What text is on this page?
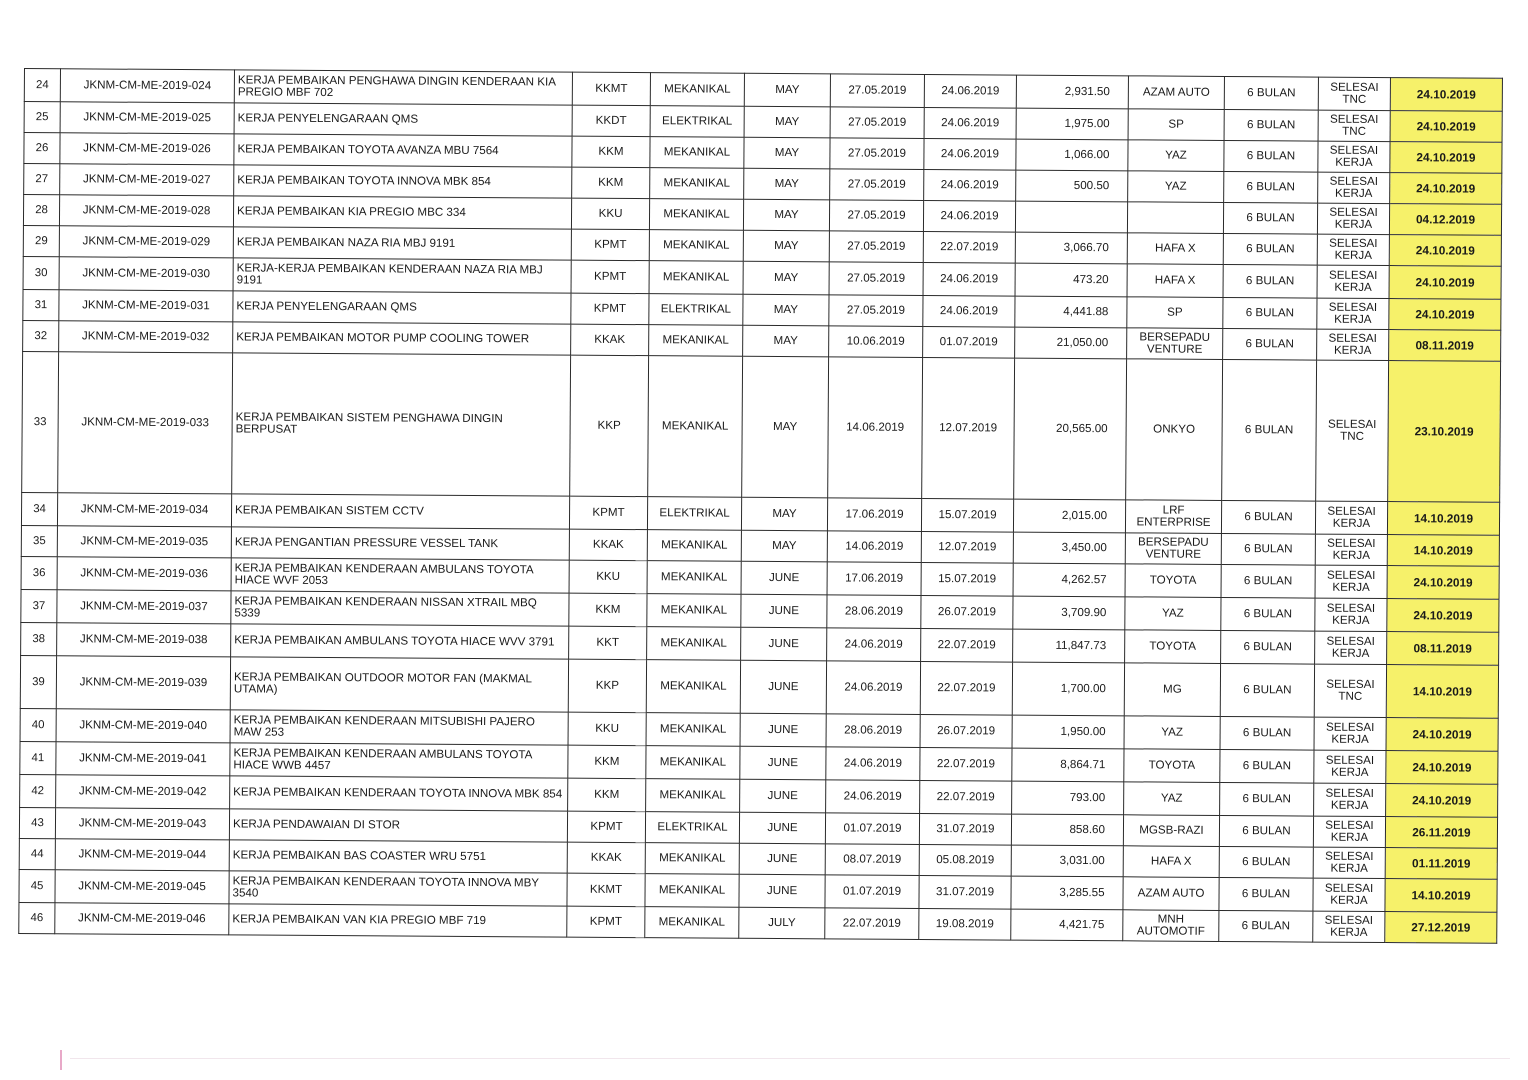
24	JKNM-CM-ME-2019-024	KERJA PEMBAIKAN PENGHAWA DINGIN KENDERAAN KIA PREGIO MBF 702	KKMT	MEKANIKAL	MAY	27.05.2019	24.06.2019	2,931.50	AZAM AUTO	6 BULAN	SELESAI TNC	24.10.2019
25	JKNM-CM-ME-2019-025	KERJA PENYELENGARAAN QMS	KKDT	ELEKTRIKAL	MAY	27.05.2019	24.06.2019	1,975.00	SP	6 BULAN	SELESAI TNC	24.10.2019
26	JKNM-CM-ME-2019-026	KERJA PEMBAIKAN TOYOTA AVANZA MBU 7564	KKM	MEKANIKAL	MAY	27.05.2019	24.06.2019	1,066.00	YAZ	6 BULAN	SELESAI KERJA	24.10.2019
27	JKNM-CM-ME-2019-027	KERJA PEMBAIKAN TOYOTA INNOVA MBK 854	KKM	MEKANIKAL	MAY	27.05.2019	24.06.2019	500.50	YAZ	6 BULAN	SELESAI KERJA	24.10.2019
28	JKNM-CM-ME-2019-028	KERJA PEMBAIKAN KIA PREGIO MBC 334	KKU	MEKANIKAL	MAY	27.05.2019	24.06.2019			6 BULAN	SELESAI KERJA	04.12.2019
29	JKNM-CM-ME-2019-029	KERJA PEMBAIKAN NAZA RIA MBJ 9191	KPMT	MEKANIKAL	MAY	27.05.2019	22.07.2019	3,066.70	HAFA X	6 BULAN	SELESAI KERJA	24.10.2019
30	JKNM-CM-ME-2019-030	KERJA-KERJA PEMBAIKAN KENDERAAN NAZA RIA MBJ 9191	KPMT	MEKANIKAL	MAY	27.05.2019	24.06.2019	473.20	HAFA X	6 BULAN	SELESAI KERJA	24.10.2019
31	JKNM-CM-ME-2019-031	KERJA PENYELENGARAAN QMS	KPMT	ELEKTRIKAL	MAY	27.05.2019	24.06.2019	4,441.88	SP	6 BULAN	SELESAI KERJA	24.10.2019
32	JKNM-CM-ME-2019-032	KERJA PEMBAIKAN MOTOR PUMP COOLING TOWER	KKAK	MEKANIKAL	MAY	10.06.2019	01.07.2019	21,050.00	BERSEPADU VENTURE	6 BULAN	SELESAI KERJA	08.11.2019
33	JKNM-CM-ME-2019-033	KERJA PEMBAIKAN SISTEM PENGHAWA DINGIN BERPUSAT	KKP	MEKANIKAL	MAY	14.06.2019	12.07.2019	20,565.00	ONKYO	6 BULAN	SELESAI TNC	23.10.2019
34	JKNM-CM-ME-2019-034	KERJA PEMBAIKAN SISTEM CCTV	KPMT	ELEKTRIKAL	MAY	17.06.2019	15.07.2019	2,015.00	LRF ENTERPRISE	6 BULAN	SELESAI KERJA	14.10.2019
35	JKNM-CM-ME-2019-035	KERJA PENGANTIAN PRESSURE VESSEL TANK	KKAK	MEKANIKAL	MAY	14.06.2019	12.07.2019	3,450.00	BERSEPADU VENTURE	6 BULAN	SELESAI KERJA	14.10.2019
36	JKNM-CM-ME-2019-036	KERJA PEMBAIKAN KENDERAAN AMBULANS TOYOTA HIACE WVF 2053	KKU	MEKANIKAL	JUNE	17.06.2019	15.07.2019	4,262.57	TOYOTA	6 BULAN	SELESAI KERJA	24.10.2019
37	JKNM-CM-ME-2019-037	KERJA PEMBAIKAN KENDERAAN NISSAN XTRAIL MBQ 5339	KKM	MEKANIKAL	JUNE	28.06.2019	26.07.2019	3,709.90	YAZ	6 BULAN	SELESAI KERJA	24.10.2019
38	JKNM-CM-ME-2019-038	KERJA PEMBAIKAN AMBULANS TOYOTA HIACE WVV 3791	KKT	MEKANIKAL	JUNE	24.06.2019	22.07.2019	11,847.73	TOYOTA	6 BULAN	SELESAI KERJA	08.11.2019
39	JKNM-CM-ME-2019-039	KERJA PEMBAIKAN OUTDOOR MOTOR FAN (MAKMAL UTAMA)	KKP	MEKANIKAL	JUNE	24.06.2019	22.07.2019	1,700.00	MG	6 BULAN	SELESAI TNC	14.10.2019
40	JKNM-CM-ME-2019-040	KERJA PEMBAIKAN KENDERAAN MITSUBISHI PAJERO MAW 253	KKU	MEKANIKAL	JUNE	28.06.2019	26.07.2019	1,950.00	YAZ	6 BULAN	SELESAI KERJA	24.10.2019
41	JKNM-CM-ME-2019-041	KERJA PEMBAIKAN KENDERAAN AMBULANS TOYOTA HIACE WWB 4457	KKM	MEKANIKAL	JUNE	24.06.2019	22.07.2019	8,864.71	TOYOTA	6 BULAN	SELESAI KERJA	24.10.2019
42	JKNM-CM-ME-2019-042	KERJA PEMBAIKAN KENDERAAN TOYOTA INNOVA MBK 854	KKM	MEKANIKAL	JUNE	24.06.2019	22.07.2019	793.00	YAZ	6 BULAN	SELESAI KERJA	24.10.2019
43	JKNM-CM-ME-2019-043	KERJA PENDAWAIAN DI STOR	KPMT	ELEKTRIKAL	JUNE	01.07.2019	31.07.2019	858.60	MGSB-RAZI	6 BULAN	SELESAI KERJA	26.11.2019
44	JKNM-CM-ME-2019-044	KERJA PEMBAIKAN BAS COASTER WRU 5751	KKAK	MEKANIKAL	JUNE	08.07.2019	05.08.2019	3,031.00	HAFA X	6 BULAN	SELESAI KERJA	01.11.2019
45	JKNM-CM-ME-2019-045	KERJA PEMBAIKAN KENDERAAN TOYOTA INNOVA MBY 3540	KKMT	MEKANIKAL	JUNE	01.07.2019	31.07.2019	3,285.55	AZAM AUTO	6 BULAN	SELESAI KERJA	14.10.2019
46	JKNM-CM-ME-2019-046	KERJA PEMBAIKAN VAN KIA PREGIO MBF 719	KPMT	MEKANIKAL	JULY	22.07.2019	19.08.2019	4,421.75	MNH AUTOMOTIF	6 BULAN	SELESAI KERJA	27.12.2019
